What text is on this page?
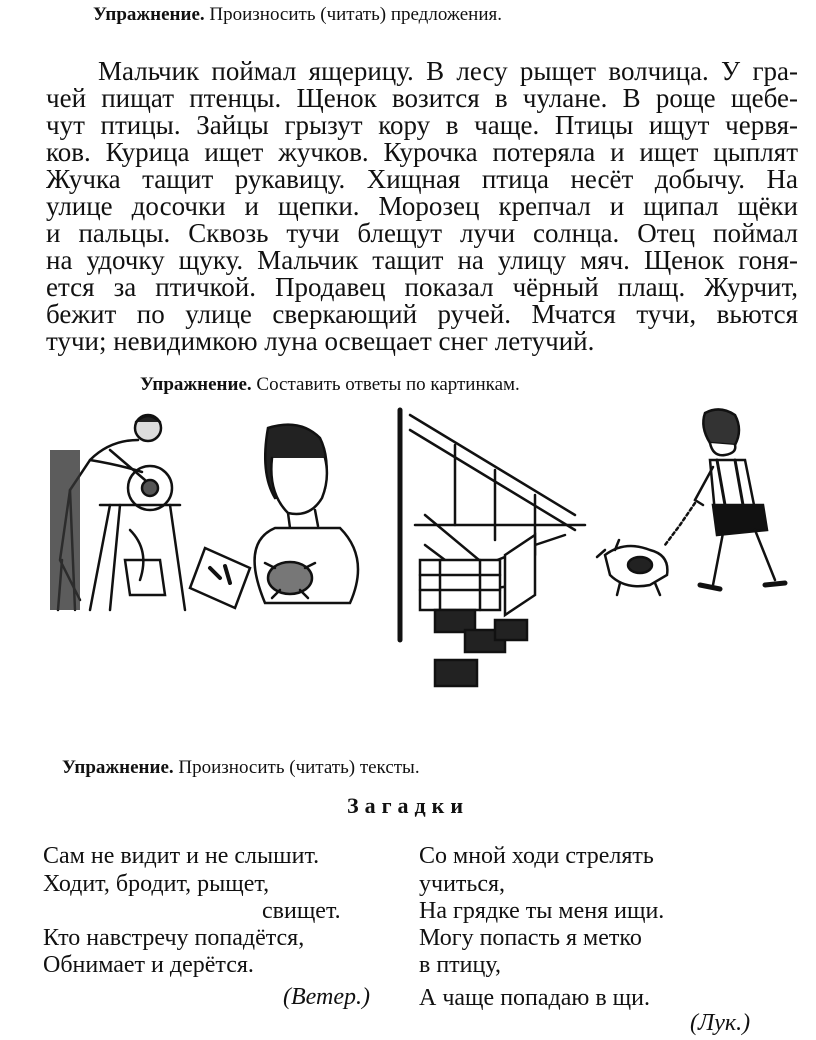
Упражнение. Произносить (читать) предложения.
Мальчик поймал ящерицу. В лесу рыщет волчица. У гра-
чей пищат птенцы. Щенок возится в чулане. В роще щебе-
чут птицы. Зайцы грызут кору в чаще. Птицы ищут червя-
ков. Курица ищет жучков. Курочка потеряла и ищет цыплят
Жучка тащит рукавицу. Хищная птица несёт добычу. На
улице досочки и щепки. Морозец крепчал и щипал щёки
и пальцы. Сквозь тучи блещут лучи солнца. Отец поймал
на удочку щуку. Мальчик тащит на улицу мяч. Щенок гоня-
ется за птичкой. Продавец показал чёрный плащ. Журчит,
бежит по улице сверкающий ручей. Мчатся тучи, вьются
тучи; невидимкою луна освещает снег летучий.
Упражнение. Составить ответы по картинкам.
Упражнение. Произносить (читать) тексты.
Загадки
Сам не видит и не слышит.
Ходит, бродит, рыщет,
свищет.
Кто навстречу попадётся,
Обнимает и дерётся.
(Ветер.)
Со мной ходи стрелять
учиться,
На грядке ты меня ищи.
Могу попасть я метко
в птицу,
А чаще попадаю в щи.
(Лук.)
